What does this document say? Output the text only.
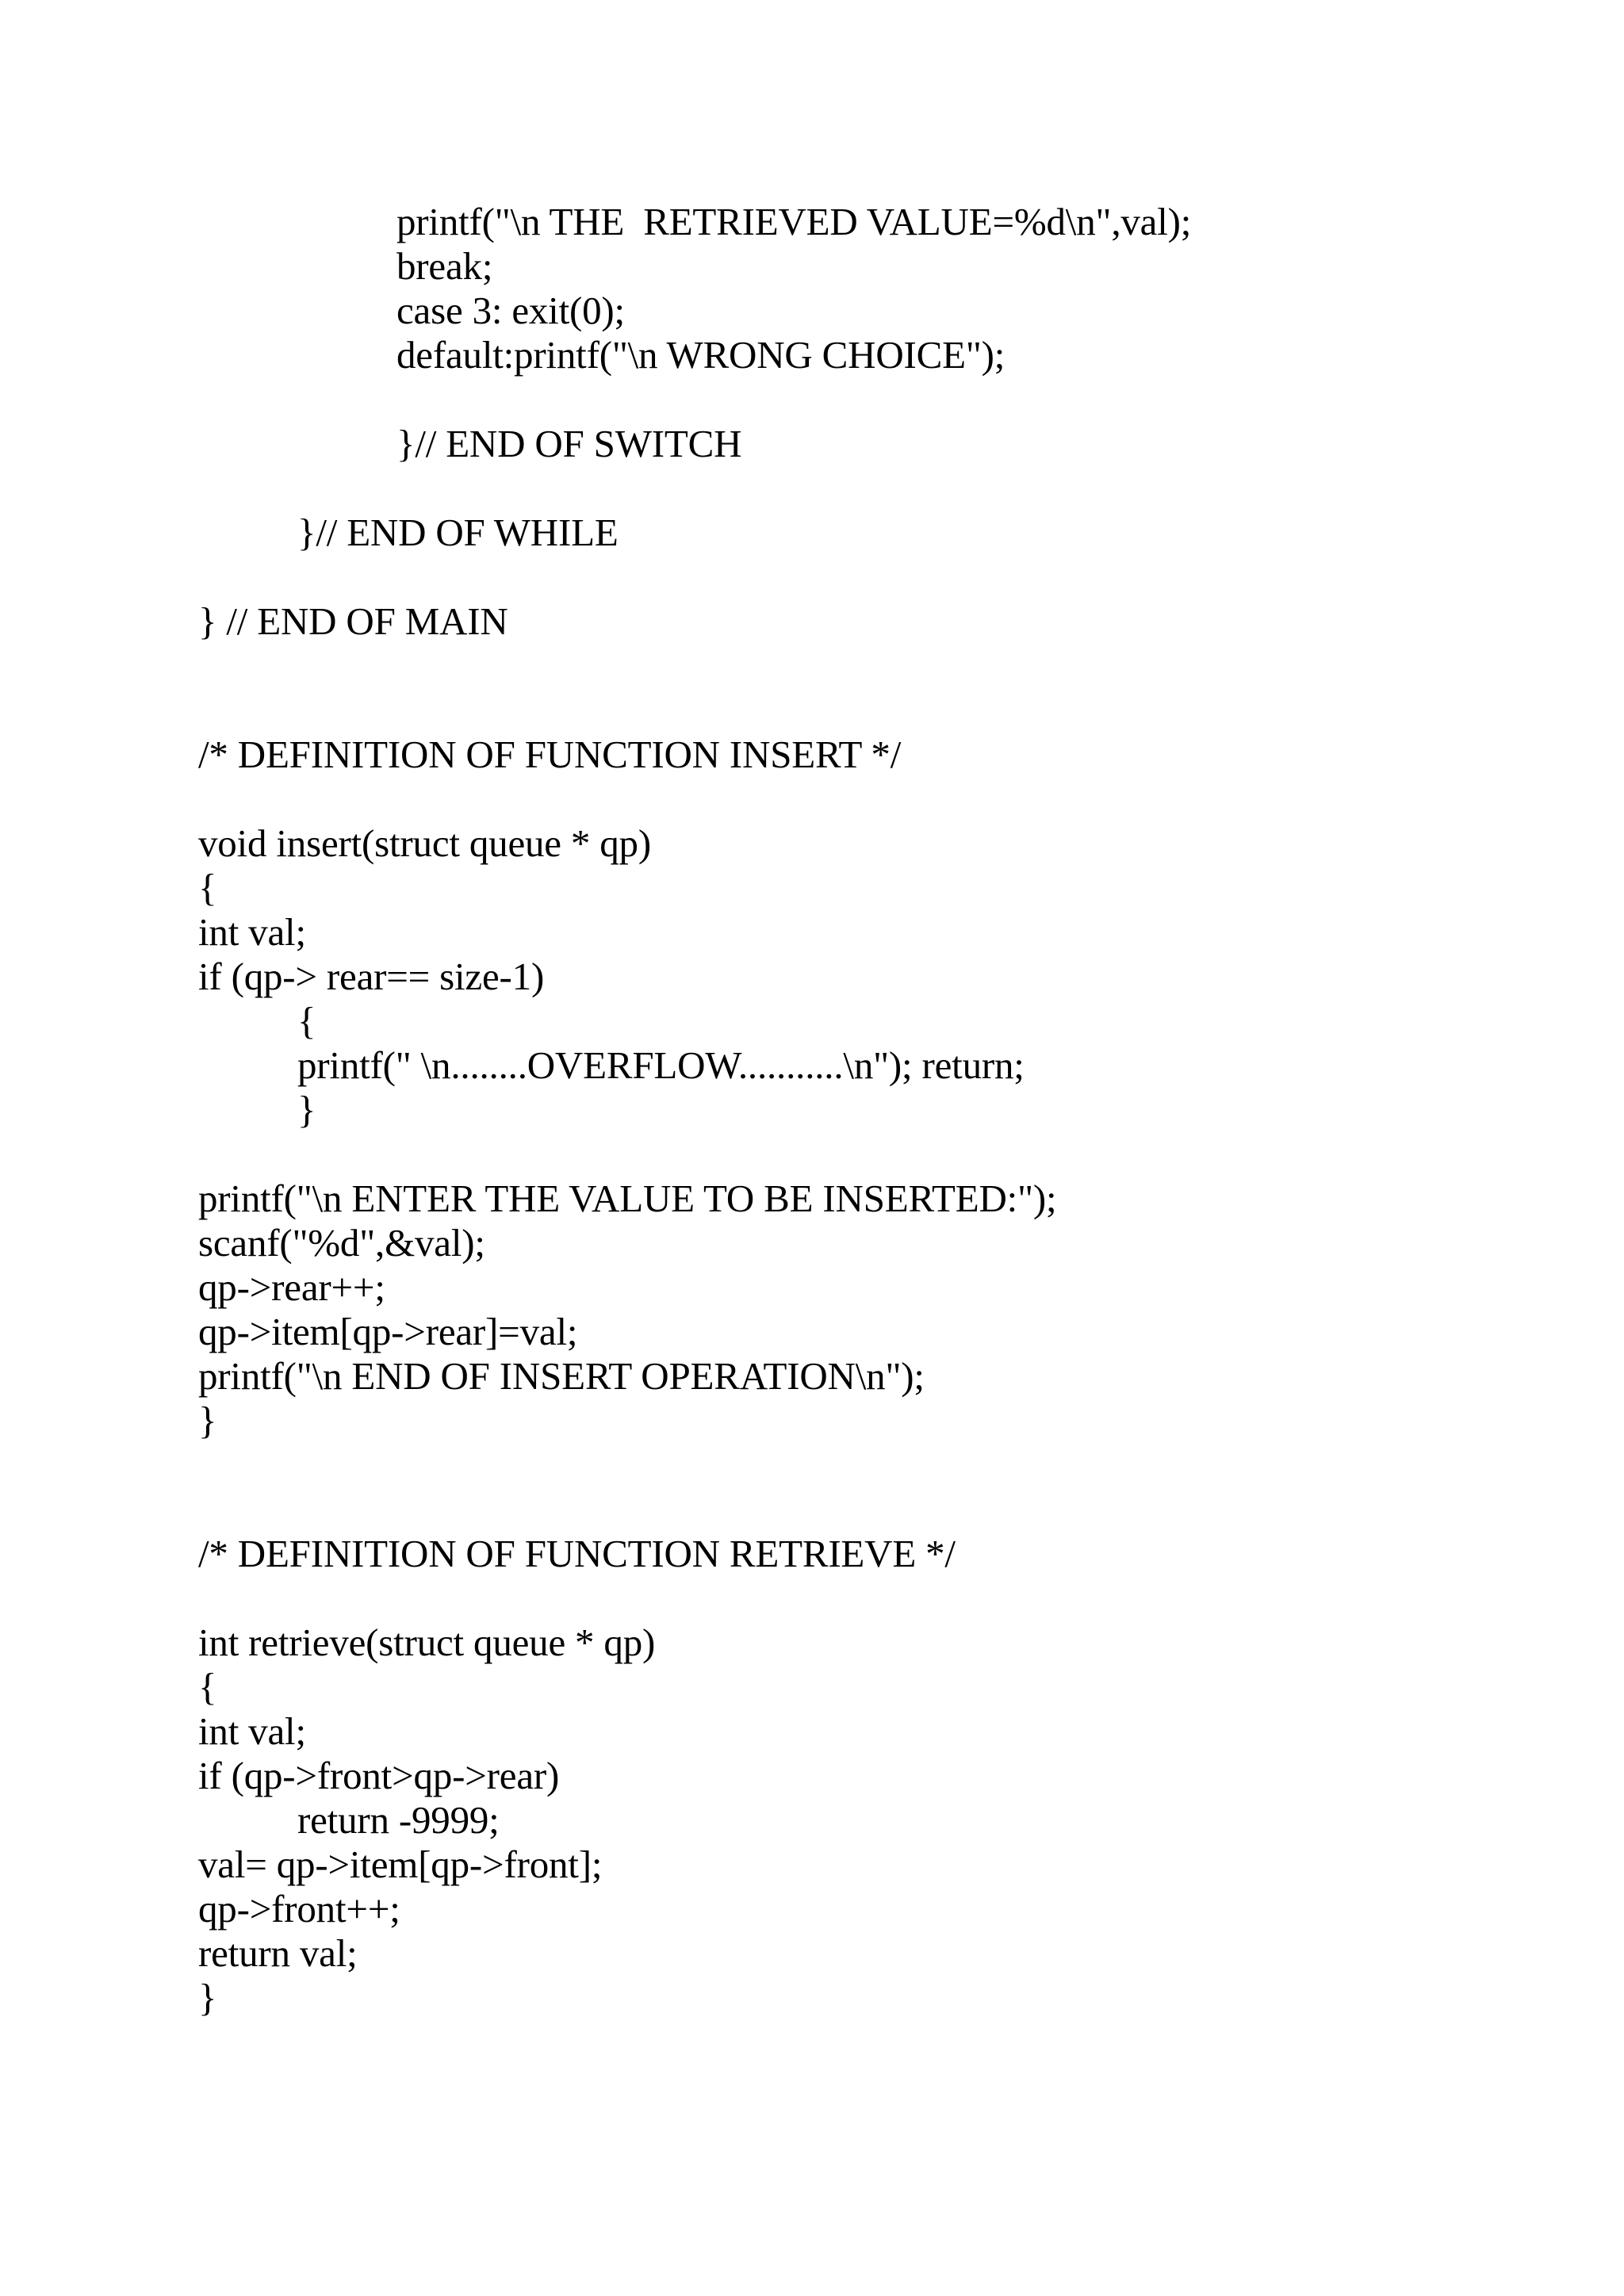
printf("\n THE  RETRIEVED VALUE=%d\n",val);
break;
case 3: exit(0);
default:printf("\n WRONG CHOICE");
}// END OF SWITCH
}// END OF WHILE
} // END OF MAIN
/* DEFINITION OF FUNCTION INSERT */
void insert(struct queue * qp)
{
int val;
if (qp-> rear== size-1)
{
printf(" \n........OVERFLOW...........\n"); return;
}
printf("\n ENTER THE VALUE TO BE INSERTED:");
scanf("%d",&val);
qp->rear++;
qp->item[qp->rear]=val;
printf("\n END OF INSERT OPERATION\n");
}
/* DEFINITION OF FUNCTION RETRIEVE */
int retrieve(struct queue * qp)
{
int val;
if (qp->front>qp->rear)
return -9999;
val= qp->item[qp->front];
qp->front++;
return val;
}
